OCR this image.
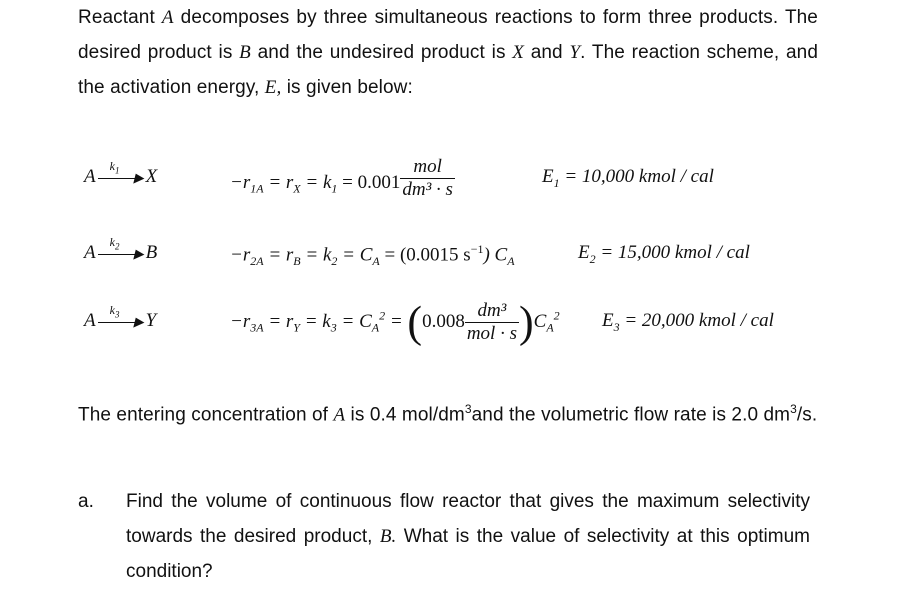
Reactant A decomposes by three simultaneous reactions to form three products. The desired product is B and the undesired product is X and Y. The reaction scheme, and the activation energy, E, is given below:
A
$k_1$ ▶ X	$-r_{1A} = r_X = k_1 = 0.001 \frac{\text{mol}}{\text{dm³ · s}}$	$E_1 = 10,000$ kmol / cal
A
$k_2$ ▶ B	$-r_{2A} = r_B = k_2 = C_A = (0.0015$ $s^{-1}$) $C_A$	$E_2 = 15,000$ kmol / cal
A
$k_3$ ▶ Y	$-r_{3A} = r_Y = k_3 = C_A^2 = (0.008 \frac{\text{dm³}}{\text{mol · s}} )C_A^2$ $E_3 = 20,000$ kmol / cal
The entering concentration of A is 0.4 mol/$dm^3and$ the volumetric flow rate is 2.0 $dm^3/s$.
a. Find the volume of continuous flow reactor that gives the maximum selectivity towards the desired product, B. What is the value of selectivity at this optimum condition?
